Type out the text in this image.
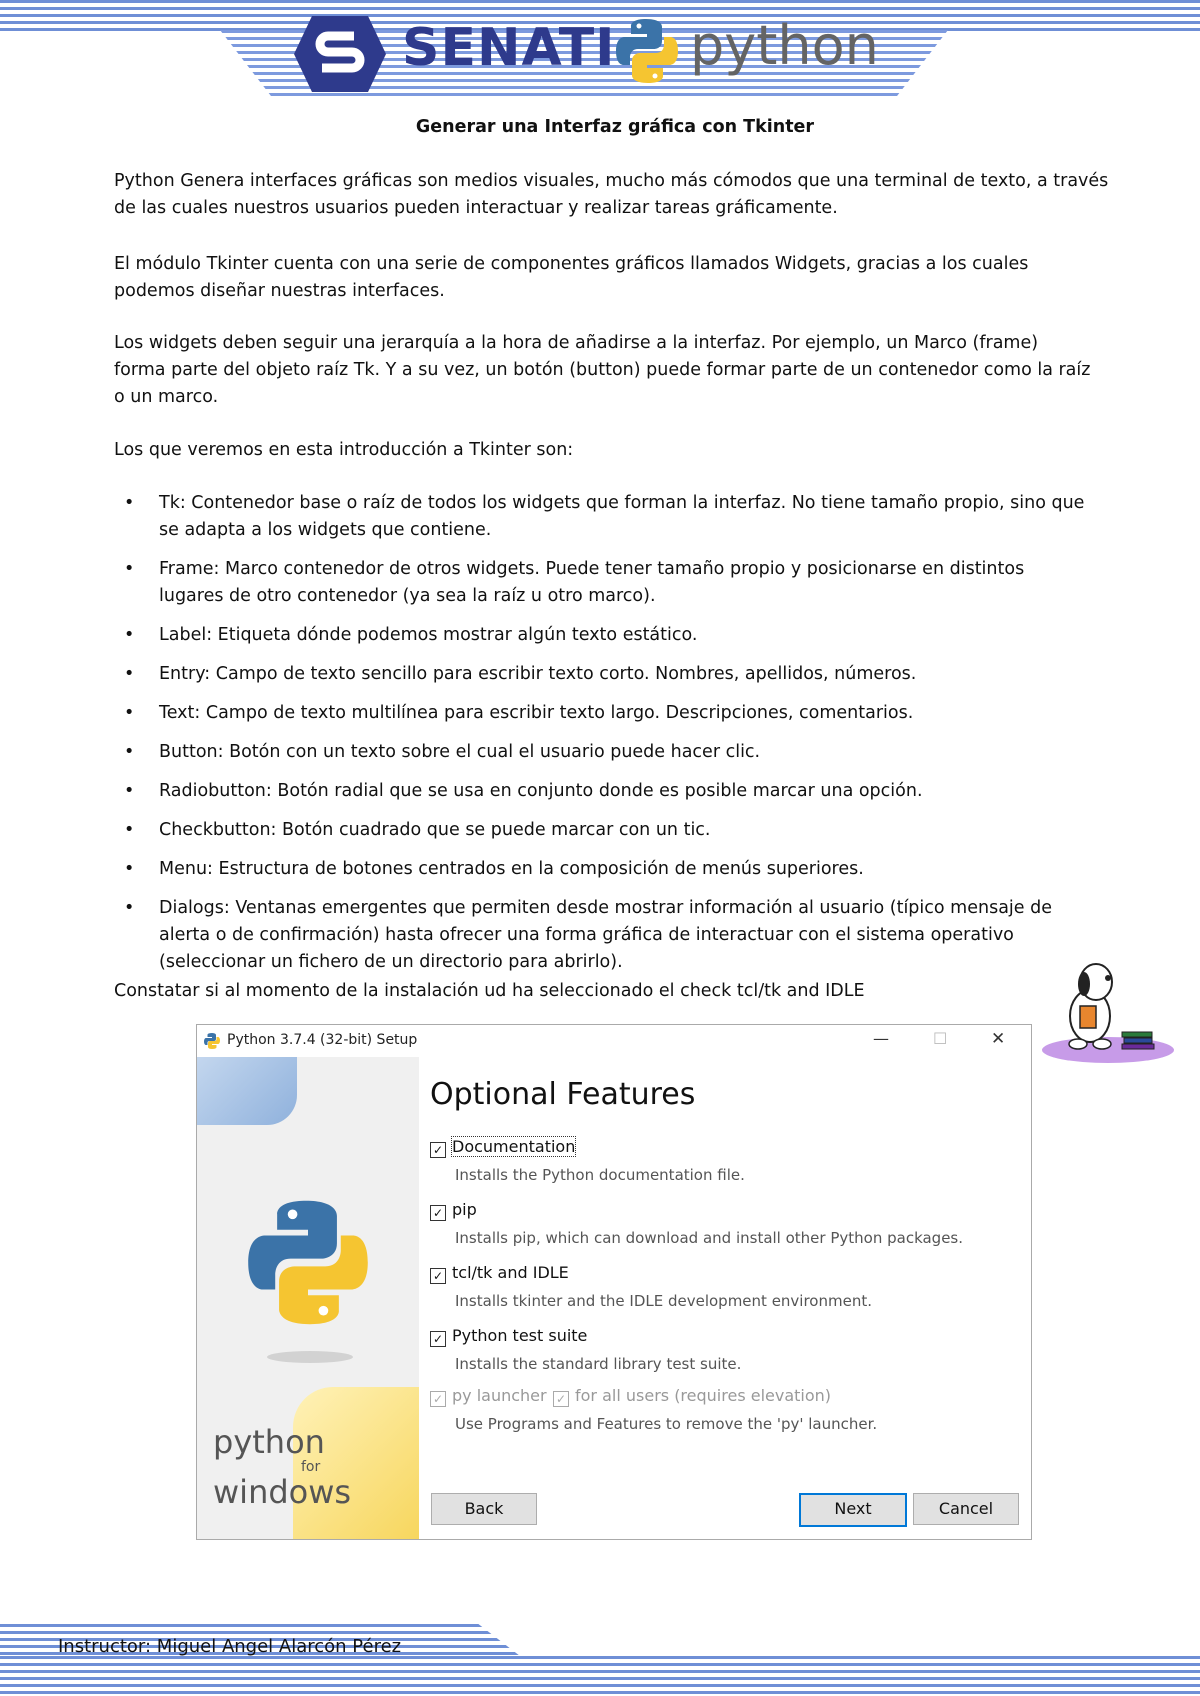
SENATI python
Generar una Interfaz gráfica con Tkinter
Python Genera interfaces gráficas son medios visuales, mucho más cómodos que una terminal de texto, a través
de las cuales nuestros usuarios pueden interactuar y realizar tareas gráficamente.
El módulo Tkinter cuenta con una serie de componentes gráficos llamados Widgets, gracias a los cuales
podemos diseñar nuestras interfaces.
Los widgets deben seguir una jerarquía a la hora de añadirse a la interfaz. Por ejemplo, un Marco (frame)
forma parte del objeto raíz Tk. Y a su vez, un botón (button) puede formar parte de un contenedor como la raíz
o un marco.
Los que veremos en esta introducción a Tkinter son:
• Tk: Contenedor base o raíz de todos los widgets que forman la interfaz. No tiene tamaño propio, sino que
se adapta a los widgets que contiene.
• Frame: Marco contenedor de otros widgets. Puede tener tamaño propio y posicionarse en distintos
lugares de otro contenedor (ya sea la raíz u otro marco).
• Label: Etiqueta dónde podemos mostrar algún texto estático.
• Entry: Campo de texto sencillo para escribir texto corto. Nombres, apellidos, números.
• Text: Campo de texto multilínea para escribir texto largo. Descripciones, comentarios.
• Button: Botón con un texto sobre el cual el usuario puede hacer clic.
• Radiobutton: Botón radial que se usa en conjunto donde es posible marcar una opción.
• Checkbutton: Botón cuadrado que se puede marcar con un tic.
• Menu: Estructura de botones centrados en la composición de menús superiores.
• Dialogs: Ventanas emergentes que permiten desde mostrar información al usuario (típico mensaje de
alerta o de confirmación) hasta ofrecer una forma gráfica de interactuar con el sistema operativo
(seleccionar un fichero de un directorio para abrirlo).
Constatar si al momento de la instalación ud ha seleccionado el check tcl/tk and IDLE
Python 3.7.4 (32-bit) Setup	—	☐	✕
python
for
windows
Optional Features
✓ Documentation
Installs the Python documentation file.
✓ pip
Installs pip, which can download and install other Python packages.
✓ tcl/tk and IDLE
Installs tkinter and the IDLE development environment.
✓ Python test suite
Installs the standard library test suite.
✓ py launcher ✓ for all users (requires elevation)
Use Programs and Features to remove the 'py' launcher.
Back	Next	Cancel
Instructor: Miguel Angel Alarcón Pérez
